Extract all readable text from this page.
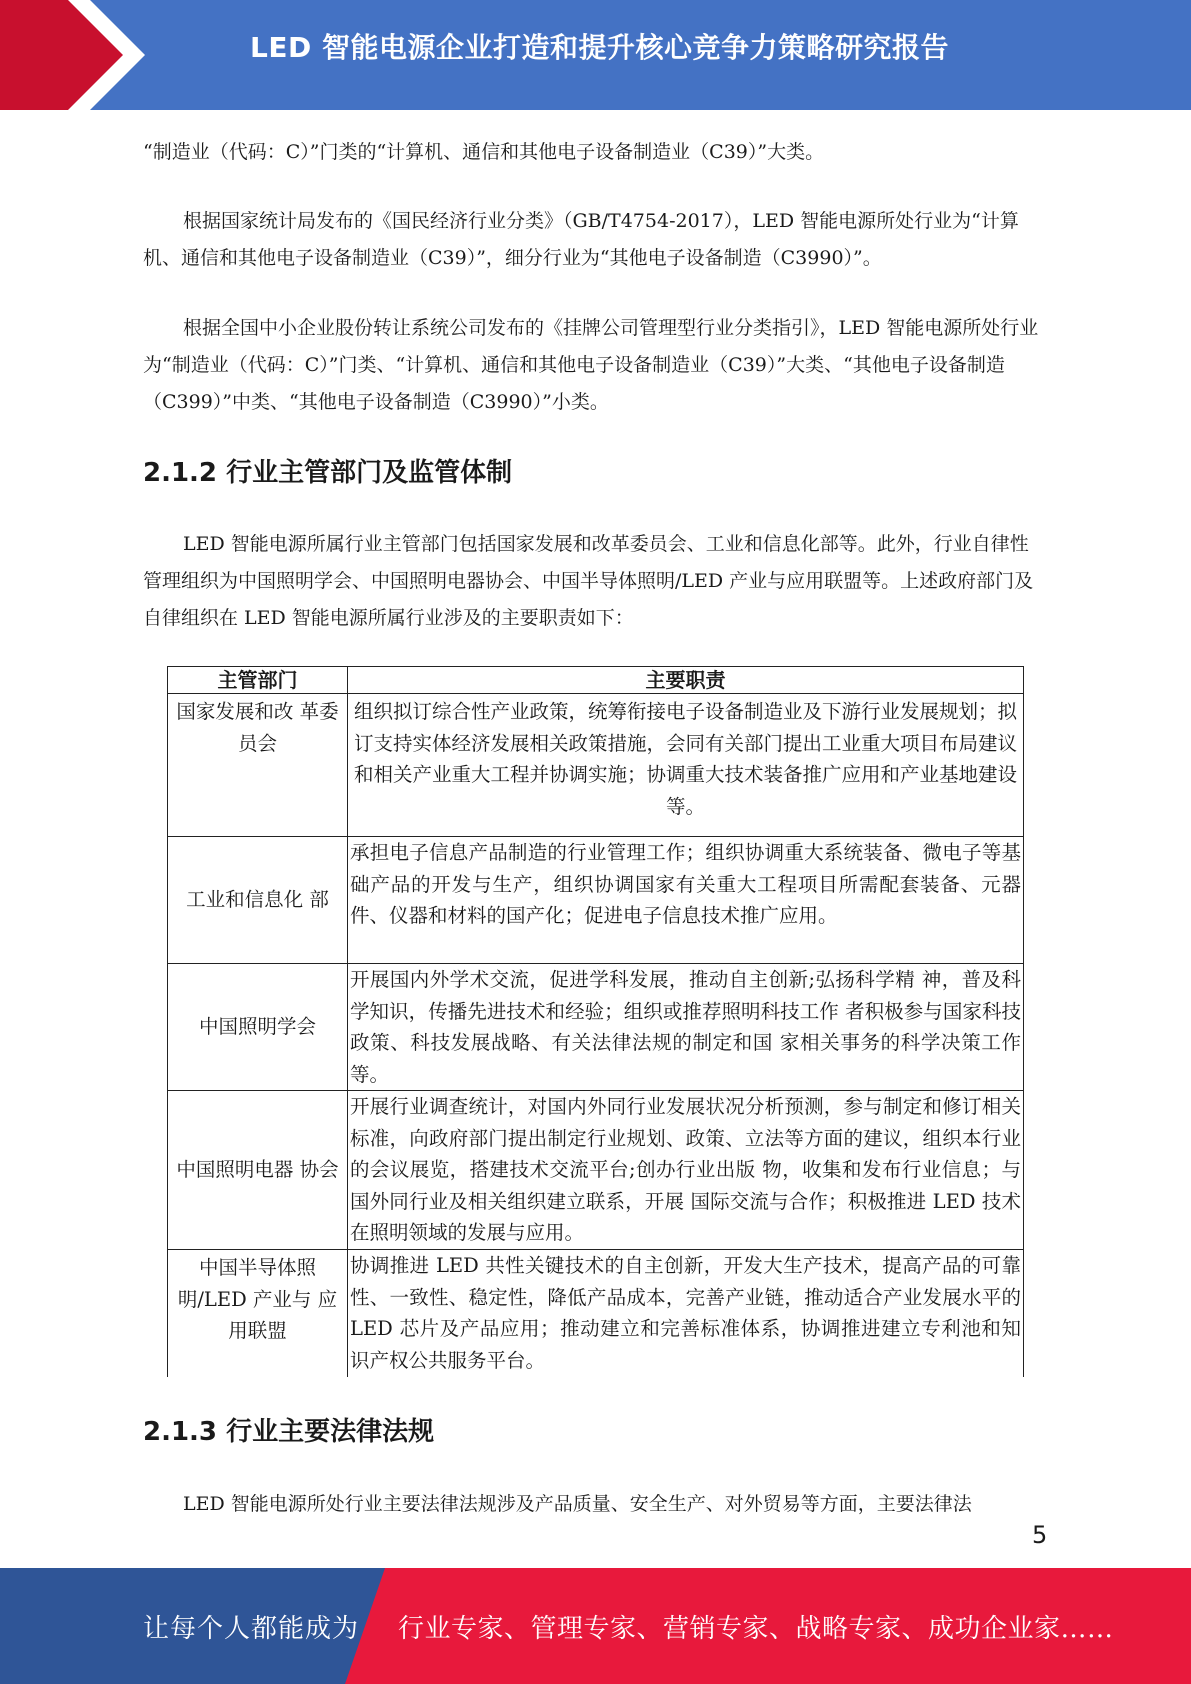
LED 智能电源企业打造和提升核心竞争力策略研究报告

“制造业（代码：C）”门类的“计算机、通信和其他电子设备制造业（C39）”大类。

根据国家统计局发布的《国民经济行业分类》（GB/T4754-2017），LED 智能电源所处行业为“计算机、通信和其他电子设备制造业（C39）”，细分行业为“其他电子设备制造（C3990）”。

根据全国中小企业股份转让系统公司发布的《挂牌公司管理型行业分类指引》，LED 智能电源所处行业为“制造业（代码：C）”门类、“计算机、通信和其他电子设备制造业（C39）”大类、“其他电子设备制造（C399）”中类、“其他电子设备制造（C3990）”小类。

2.1.2 行业主管部门及监管体制

LED 智能电源所属行业主管部门包括国家发展和改革委员会、工业和信息化部等。此外，行业自律性管理组织为中国照明学会、中国照明电器协会、中国半导体照明/LED 产业与应用联盟等。上述政府部门及自律组织在 LED 智能电源所属行业涉及的主要职责如下：

主管部门	主要职责
国家发展和改 革委员会	组织拟订综合性产业政策，统筹衔接电子设备制造业及下游行业发展规划；拟订支持实体经济发展相关政策措施，会同有关部门提出工业重大项目布局建议和相关产业重大工程并协调实施；协调重大技术装备推广应用和产业基地建设等。
工业和信息化 部	承担电子信息产品制造的行业管理工作；组织协调重大系统装备、微电子等基础产品的开发与生产，组织协调国家有关重大工程项目所需配套装备、元器件、仪器和材料的国产化；促进电子信息技术推广应用。
中国照明学会	开展国内外学术交流，促进学科发展，推动自主创新;弘扬科学精 神，普及科学知识，传播先进技术和经验；组织或推荐照明科技工作 者积极参与国家科技政策、科技发展战略、有关法律法规的制定和国 家相关事务的科学决策工作等。
中国照明电器 协会	开展行业调查统计，对国内外同行业发展状况分析预测，参与制定和修订相关标准，向政府部门提出制定行业规划、政策、立法等方面的建议，组织本行业的会议展览，搭建技术交流平台;创办行业出版 物，收集和发布行业信息；与国外同行业及相关组织建立联系，开展 国际交流与合作；积极推进 LED 技术在照明领域的发展与应用。
中国半导体照 明/LED 产业与 应用联盟	协调推进 LED 共性关键技术的自主创新，开发大生产技术，提高产品的可靠性、一致性、稳定性，降低产品成本，完善产业链，推动适合产业发展水平的 LED 芯片及产品应用；推动建立和完善标准体系，协调推进建立专利池和知识产权公共服务平台。
2.1.3 行业主要法律法规

LED 智能电源所处行业主要法律法规涉及产品质量、安全生产、对外贸易等方面，主要法律法

5
让每个人都能成为 行业专家、管理专家、营销专家、战略专家、成功企业家……
